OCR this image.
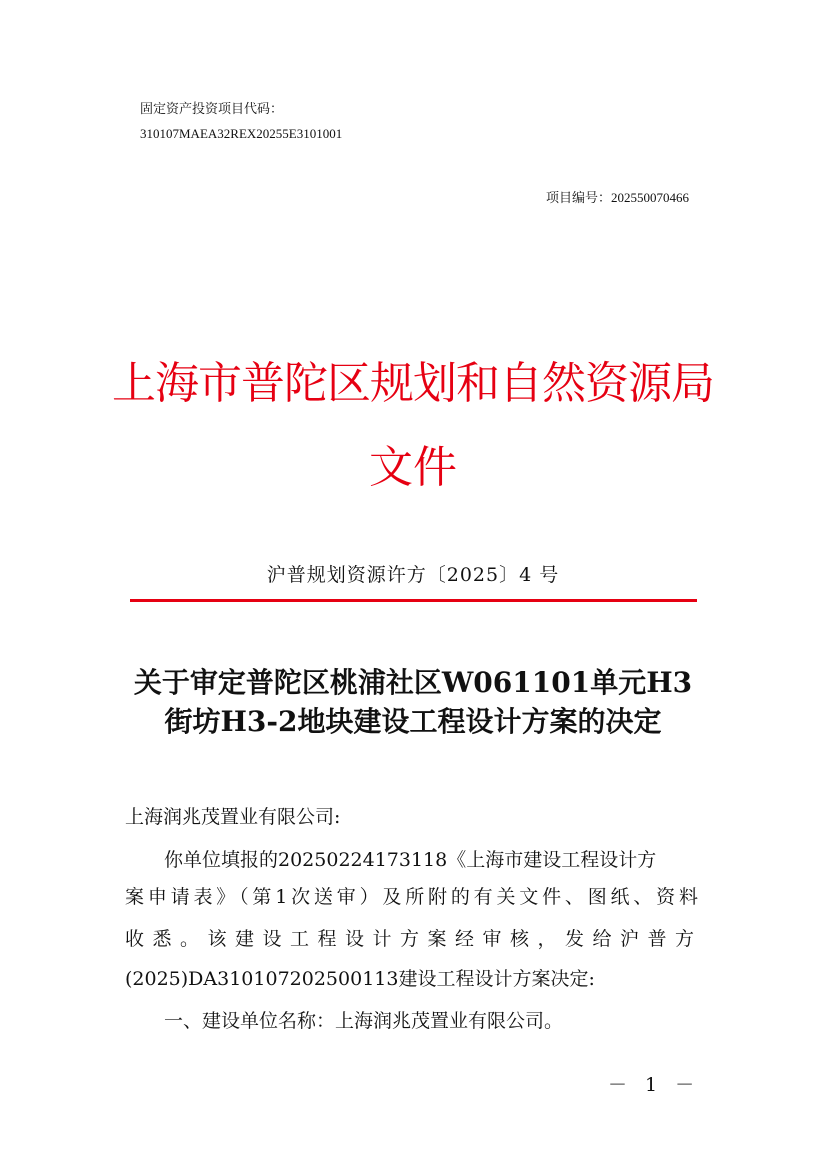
固定资产投资项目代码：
310107MAEA32REX20255E3101001
项目编号：202550070466
上海市普陀区规划和自然资源局
文件
沪普规划资源许方〔2025〕4 号
关于审定普陀区桃浦社区W061101单元H3
街坊H3-2地块建设工程设计方案的决定
上海润兆茂置业有限公司:
你单位填报的20250224173118《上海市建设工程设计方
案申请表》（第1次送审）及所附的有关文件、图纸、资料
收悉。该建设工程设计方案经审核，发给沪普方
(2025)DA310107202500113建设工程设计方案决定:
一、建设单位名称：上海润兆茂置业有限公司。
－ 1 －
